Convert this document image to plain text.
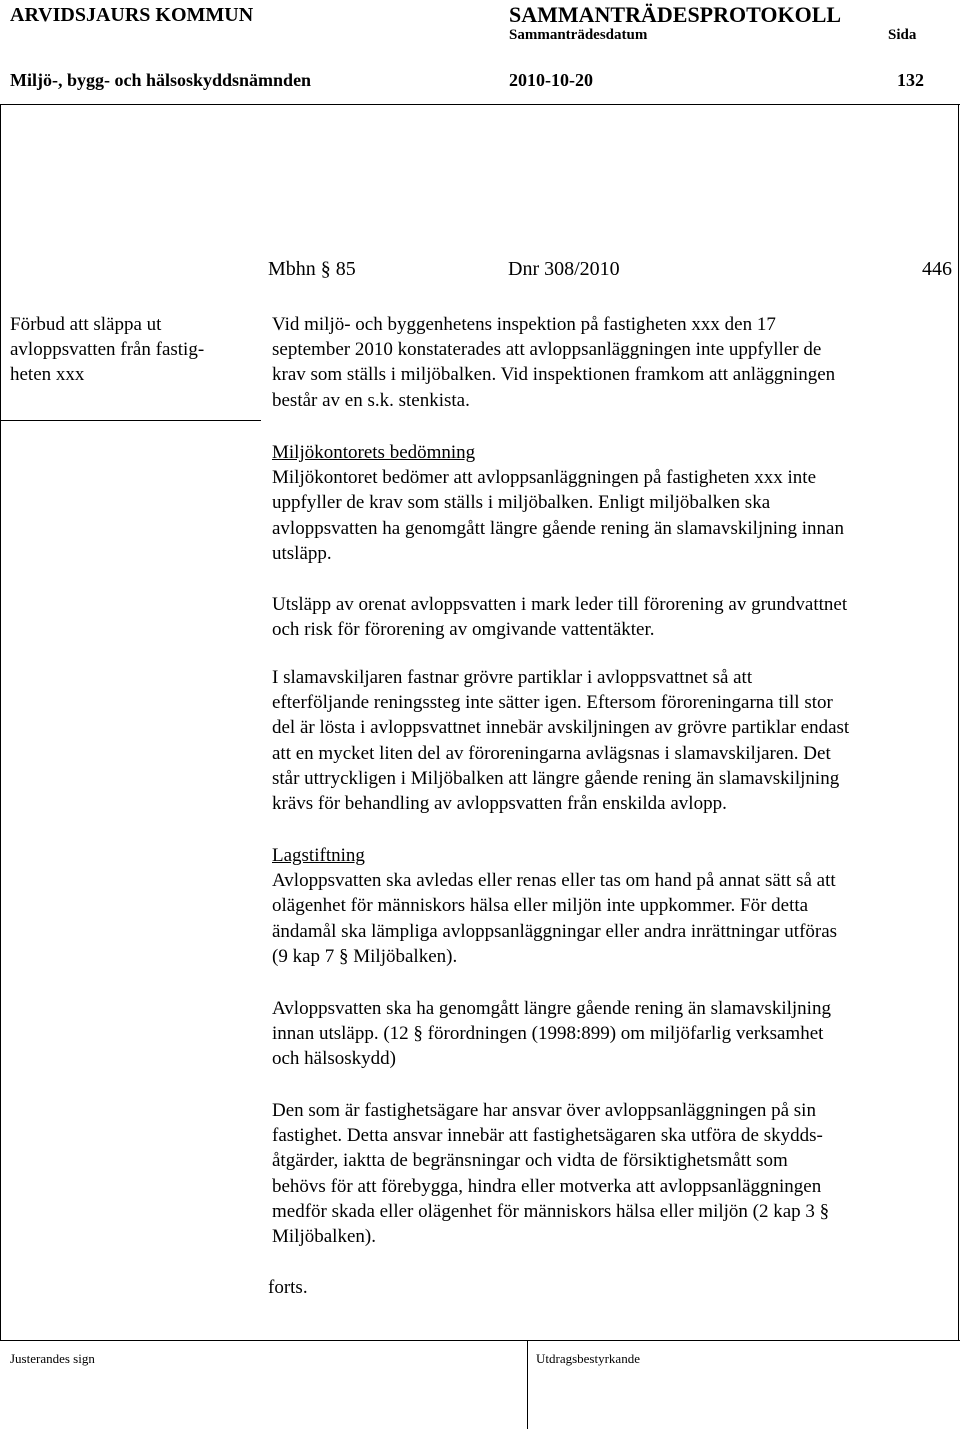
ARVIDSJAURS KOMMUN	SAMMANTRÄDESPROTOKOLL
Sammanträdesdatum	Sida
Miljö-, bygg- och hälsoskyddsnämnden	2010-10-20	132
Mbhn § 85	Dnr 308/2010	446
Förbud att släppa ut
avloppsvatten från fastig-
heten xxx
Vid miljö- och byggenhetens inspektion på fastigheten xxx den 17
september 2010 konstaterades att avloppsanläggningen inte uppfyller de
krav som ställs i miljöbalken. Vid inspektionen framkom att anläggningen
består av en s.k. stenkista.
Miljökontorets bedömning
Miljökontoret bedömer att avloppsanläggningen på fastigheten xxx inte
uppfyller de krav som ställs i miljöbalken. Enligt miljöbalken ska
avloppsvatten ha genomgått längre gående rening än slamavskiljning innan
utsläpp.
Utsläpp av orenat avloppsvatten i mark leder till förorening av grundvattnet
och risk för förorening av omgivande vattentäkter.
I slamavskiljaren fastnar grövre partiklar i avloppsvattnet så att
efterföljande reningssteg inte sätter igen. Eftersom föroreningarna till stor
del är lösta i avloppsvattnet innebär avskiljningen av grövre partiklar endast
att en mycket liten del av föroreningarna avlägsnas i slamavskiljaren. Det
står uttryckligen i Miljöbalken att längre gående rening än slamavskiljning
krävs för behandling av avloppsvatten från enskilda avlopp.
Lagstiftning
Avloppsvatten ska avledas eller renas eller tas om hand på annat sätt så att
olägenhet för människors hälsa eller miljön inte uppkommer. För detta
ändamål ska lämpliga avloppsanläggningar eller andra inrättningar utföras
(9 kap 7 § Miljöbalken).
Avloppsvatten ska ha genomgått längre gående rening än slamavskiljning
innan utsläpp. (12 § förordningen (1998:899) om miljöfarlig verksamhet
och hälsoskydd)
Den som är fastighetsägare har ansvar över avloppsanläggningen på sin
fastighet. Detta ansvar innebär att fastighetsägaren ska utföra de skydds-
åtgärder, iaktta de begränsningar och vidta de försiktighetsmått som
behövs för att förebygga, hindra eller motverka att avloppsanläggningen
medför skada eller olägenhet för människors hälsa eller miljön (2 kap 3 §
Miljöbalken).
forts.
Justerandes sign	Utdragsbestyrkande
